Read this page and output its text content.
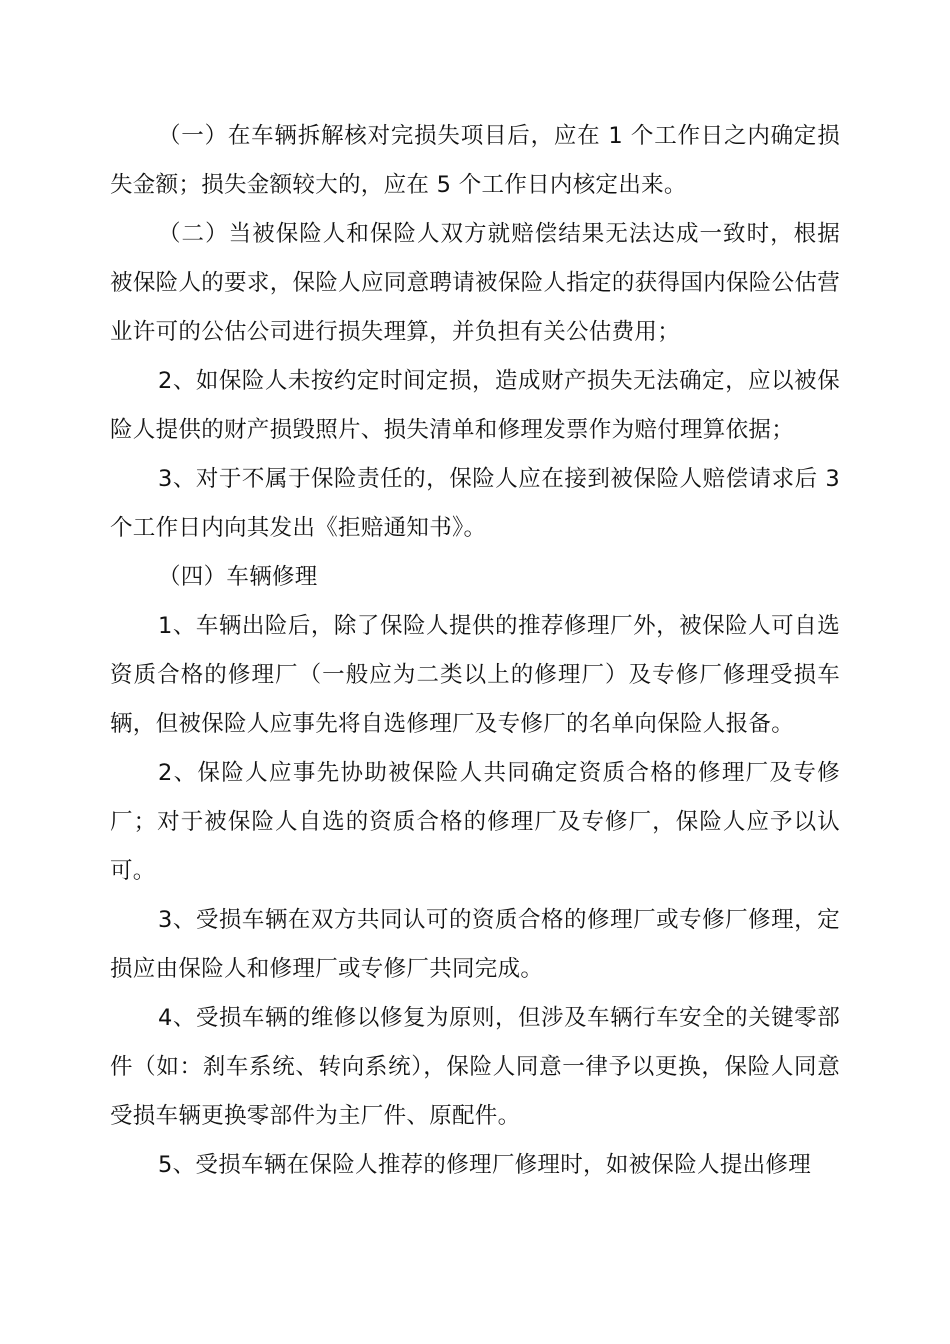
（一）在车辆拆解核对完损失项目后，应在 1 个工作日之内确定损失金额；损失金额较大的，应在 5 个工作日内核定出来。

（二）当被保险人和保险人双方就赔偿结果无法达成一致时，根据被保险人的要求，保险人应同意聘请被保险人指定的获得国内保险公估营业许可的公估公司进行损失理算，并负担有关公估费用；

2、如保险人未按约定时间定损，造成财产损失无法确定，应以被保险人提供的财产损毁照片、损失清单和修理发票作为赔付理算依据；

3、对于不属于保险责任的，保险人应在接到被保险人赔偿请求后 3 个工作日内向其发出《拒赔通知书》。

（四）车辆修理

1、车辆出险后，除了保险人提供的推荐修理厂外，被保险人可自选资质合格的修理厂（一般应为二类以上的修理厂）及专修厂修理受损车辆，但被保险人应事先将自选修理厂及专修厂的名单向保险人报备。

2、保险人应事先协助被保险人共同确定资质合格的修理厂及专修厂；对于被保险人自选的资质合格的修理厂及专修厂，保险人应予以认可。

3、受损车辆在双方共同认可的资质合格的修理厂或专修厂修理，定损应由保险人和修理厂或专修厂共同完成。

4、受损车辆的维修以修复为原则，但涉及车辆行车安全的关键零部件（如：刹车系统、转向系统），保险人同意一律予以更换，保险人同意受损车辆更换零部件为主厂件、原配件。

5、受损车辆在保险人推荐的修理厂修理时，如被保险人提出修理
